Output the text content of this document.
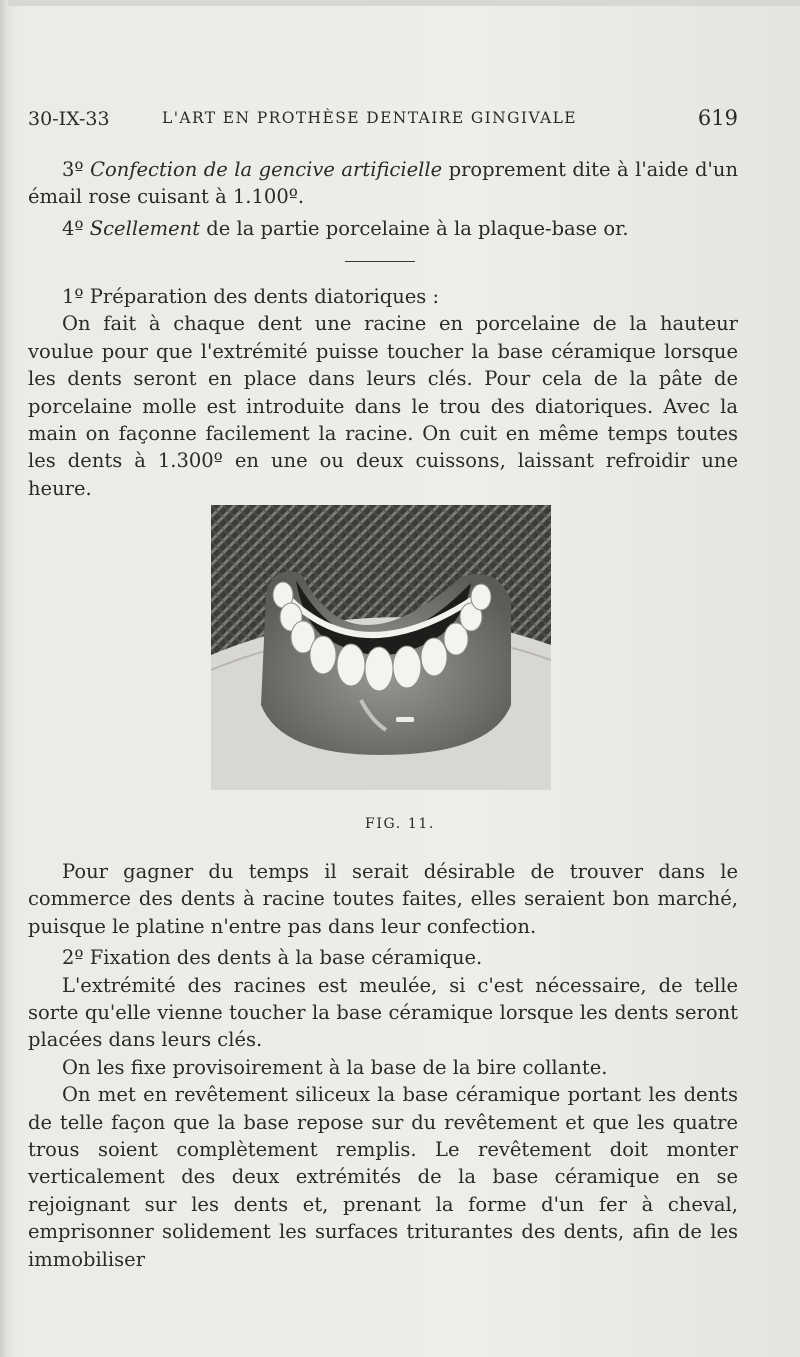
30-IX-33	L'ART EN PROTHÈSE DENTAIRE GINGIVALE	619

3º Confection de la gencive artificielle proprement dite à l'aide d'un émail rose cuisant à 1.100º.

4º Scellement de la partie porcelaine à la plaque-base or.

1º Préparation des dents diatoriques :

On fait à chaque dent une racine en porcelaine de la hauteur voulue pour que l'extrémité puisse toucher la base céramique lorsque les dents seront en place dans leurs clés. Pour cela de la pâte de porcelaine molle est introduite dans le trou des diatoriques. Avec la main on façonne facilement la racine. On cuit en même temps toutes les dents à 1.300º en une ou deux cuissons, laissant refroidir une heure.

FIG. 11.

Pour gagner du temps il serait désirable de trouver dans le commerce des dents à racine toutes faites, elles seraient bon marché, puisque le platine n'entre pas dans leur confection.

2º Fixation des dents à la base céramique.

L'extrémité des racines est meulée, si c'est nécessaire, de telle sorte qu'elle vienne toucher la base céramique lorsque les dents seront placées dans leurs clés.

On les fixe provisoirement à la base de la bire collante.

On met en revêtement siliceux la base céramique portant les dents de telle façon que la base repose sur du revêtement et que les quatre trous soient complètement remplis. Le revêtement doit monter verticalement des deux extrémités de la base céramique en se rejoignant sur les dents et, prenant la forme d'un fer à cheval, emprisonner solidement les surfaces triturantes des dents, afin de les immobiliser
